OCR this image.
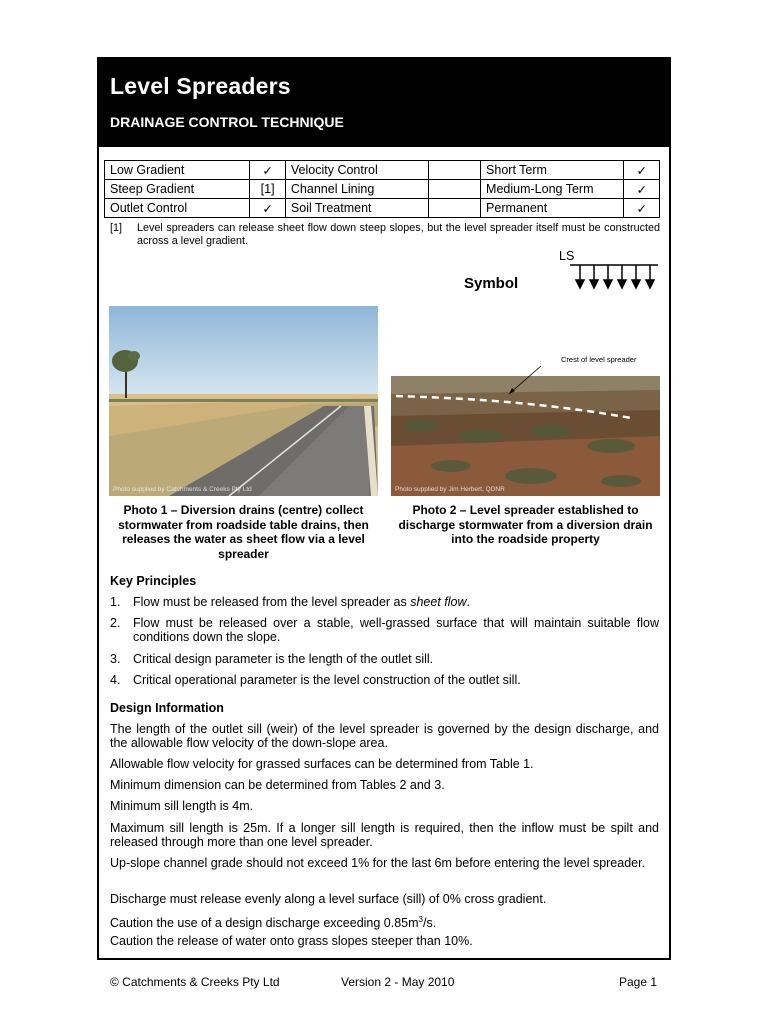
Level Spreaders
DRAINAGE CONTROL TECHNIQUE
Low Gradient	✓	Velocity Control		Short Term	✓
Steep Gradient	[1]	Channel Lining		Medium-Long Term	✓
Outlet Control	✓	Soil Treatment		Permanent	✓
[1] Level spreaders can release sheet flow down steep slopes, but the level spreader itself must be constructed across a level gradient.
LS
Symbol
Photo supplied by Catchments & Creeks Pty Ltd
Crest of level spreader
Photo supplied by Jim Herbert, QDNR
Photo 1 – Diversion drains (centre) collect stormwater from roadside table drains, then releases the water as sheet flow via a level spreader
Photo 2 – Level spreader established to discharge stormwater from a diversion drain into the roadside property
Key Principles
1. Flow must be released from the level spreader as sheet flow.
2. Flow must be released over a stable, well-grassed surface that will maintain suitable flow conditions down the slope.
3. Critical design parameter is the length of the outlet sill.
4. Critical operational parameter is the level construction of the outlet sill.
Design Information
The length of the outlet sill (weir) of the level spreader is governed by the design discharge, and the allowable flow velocity of the down-slope area.
Allowable flow velocity for grassed surfaces can be determined from Table 1.
Minimum dimension can be determined from Tables 2 and 3.
Minimum sill length is 4m.
Maximum sill length is 25m. If a longer sill length is required, then the inflow must be spilt and released through more than one level spreader.
Up-slope channel grade should not exceed 1% for the last 6m before entering the level spreader.
Discharge must release evenly along a level surface (sill) of 0% cross gradient.
Caution the use of a design discharge exceeding $0.85m^3/s$.
Caution the release of water onto grass slopes steeper than 10%.
© Catchments & Creeks Pty Ltd	Version 2 - May 2010	Page 1
